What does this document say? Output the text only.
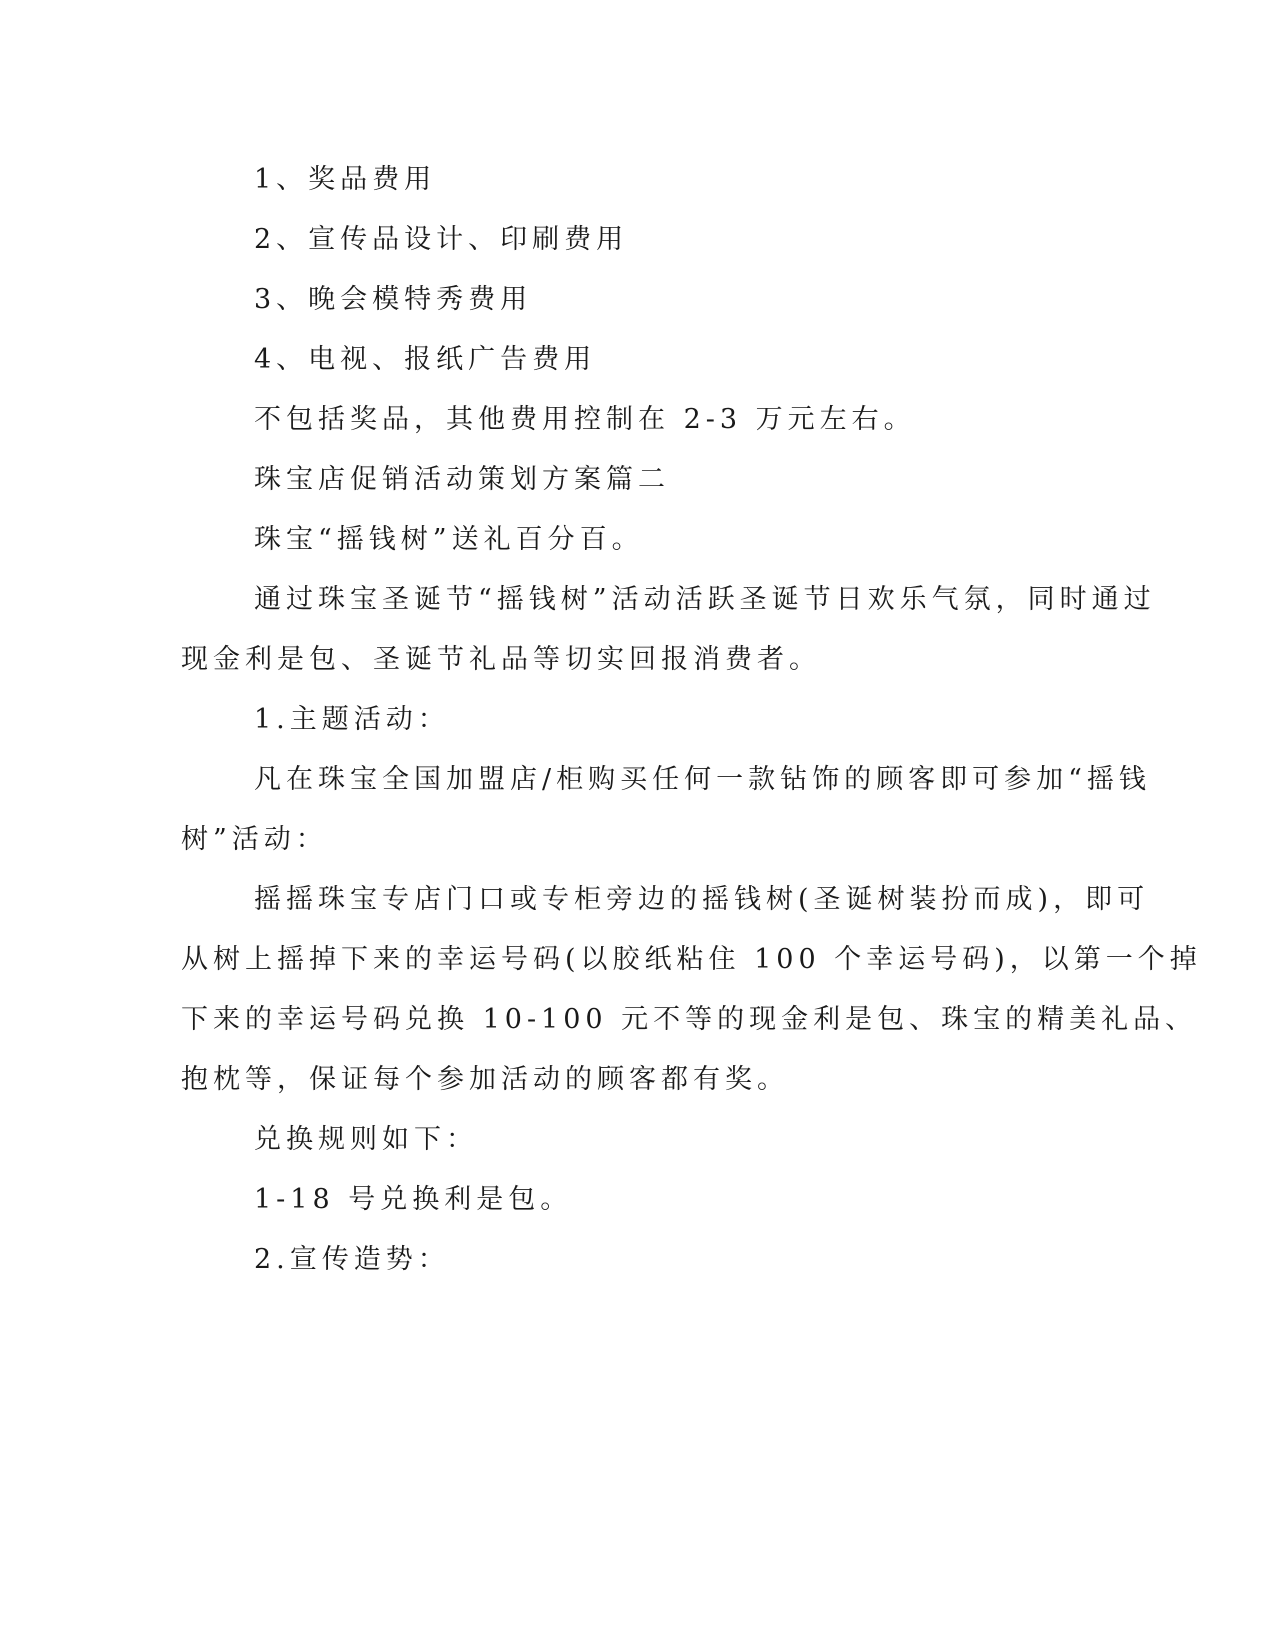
1、奖品费用
2、宣传品设计、印刷费用
3、晚会模特秀费用
4、电视、报纸广告费用
不包括奖品，其他费用控制在 2-3 万元左右。
珠宝店促销活动策划方案篇二
珠宝“摇钱树”送礼百分百。
通过珠宝圣诞节“摇钱树”活动活跃圣诞节日欢乐气氛，同时通过
现金利是包、圣诞节礼品等切实回报消费者。
1.主题活动：
凡在珠宝全国加盟店/柜购买任何一款钻饰的顾客即可参加“摇钱
树”活动：
摇摇珠宝专店门口或专柜旁边的摇钱树(圣诞树装扮而成)，即可
从树上摇掉下来的幸运号码(以胶纸粘住 100 个幸运号码)，以第一个掉
下来的幸运号码兑换 10-100 元不等的现金利是包、珠宝的精美礼品、
抱枕等，保证每个参加活动的顾客都有奖。
兑换规则如下：
1-18 号兑换利是包。
2.宣传造势：
